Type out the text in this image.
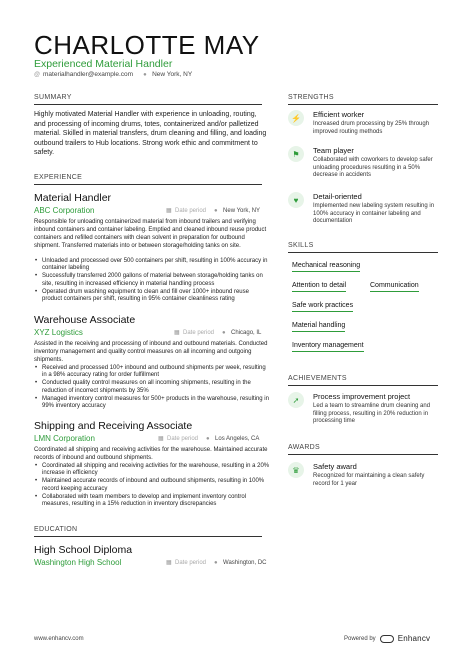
CHARLOTTE MAY
Experienced Material Handler
@ materialhandler@example.com ● New York, NY
SUMMARY
Highly motivated Material Handler with experience in unloading, routing, and processing of incoming drums, totes, containerized and/or palletized material. Skilled in material transfers, drum cleaning and filling, and loading outbound trailers to Hub locations. Strong work ethic and commitment to safety.
EXPERIENCE
Material Handler
ABC Corporation	▦ Date period ● New York, NY
Responsible for unloading containerized material from inbound trailers and verifying inbound containers and container labeling. Emptied and cleaned inbound reuse product containers and refilled containers with clean solvent in preparation for outbound shipment. Transferred materials into or between storage/holding tanks on site.
• Unloaded and processed over 500 containers per shift, resulting in 100% accuracy in container labeling
• Successfully transferred 2000 gallons of material between storage/holding tanks on site, resulting in increased efficiency in material handling process
• Operated drum washing equipment to clean and fill over 1000+ inbound reuse product containers per shift, resulting in 95% container cleanliness rating
Warehouse Associate
XYZ Logistics	▦ Date period ● Chicago, IL
Assisted in the receiving and processing of inbound and outbound materials. Conducted inventory management and quality control measures on all incoming and outgoing shipments.
• Received and processed 100+ inbound and outbound shipments per week, resulting in a 98% accuracy rating for order fulfillment
• Conducted quality control measures on all incoming shipments, resulting in the reduction of incorrect shipments by 35%
• Managed inventory control measures for 500+ products in the warehouse, resulting in 99% inventory accuracy
Shipping and Receiving Associate
LMN Corporation	▦ Date period ● Los Angeles, CA
Coordinated all shipping and receiving activities for the warehouse. Maintained accurate records of inbound and outbound shipments.
• Coordinated all shipping and receiving activities for the warehouse, resulting in a 20% increase in efficiency
• Maintained accurate records of inbound and outbound shipments, resulting in 100% record keeping accuracy
• Collaborated with team members to develop and implement inventory control measures, resulting in a 15% reduction in inventory discrepancies
EDUCATION
High School Diploma
Washington High School	▦ Date period ● Washington, DC
STRENGTHS
⚡	Efficient worker
Increased drum processing by 25% through improved routing methods
⚑	Team player
Collaborated with coworkers to develop safer unloading procedures resulting in a 50% decrease in accidents
♥	Detail-oriented
Implemented new labeling system resulting in 100% accuracy in container labeling and documentation
SKILLS
Mechanical reasoning
Attention to detail	Communication
Safe work practices
Material handling
Inventory management
ACHIEVEMENTS
➚	Process improvement project
Led a team to streamline drum cleaning and filling process, resulting in 20% reduction in processing time
AWARDS
♛	Safety award
Recognized for maintaining a clean safety record for 1 year
www.enhancv.com	Powered by	Enhancv
